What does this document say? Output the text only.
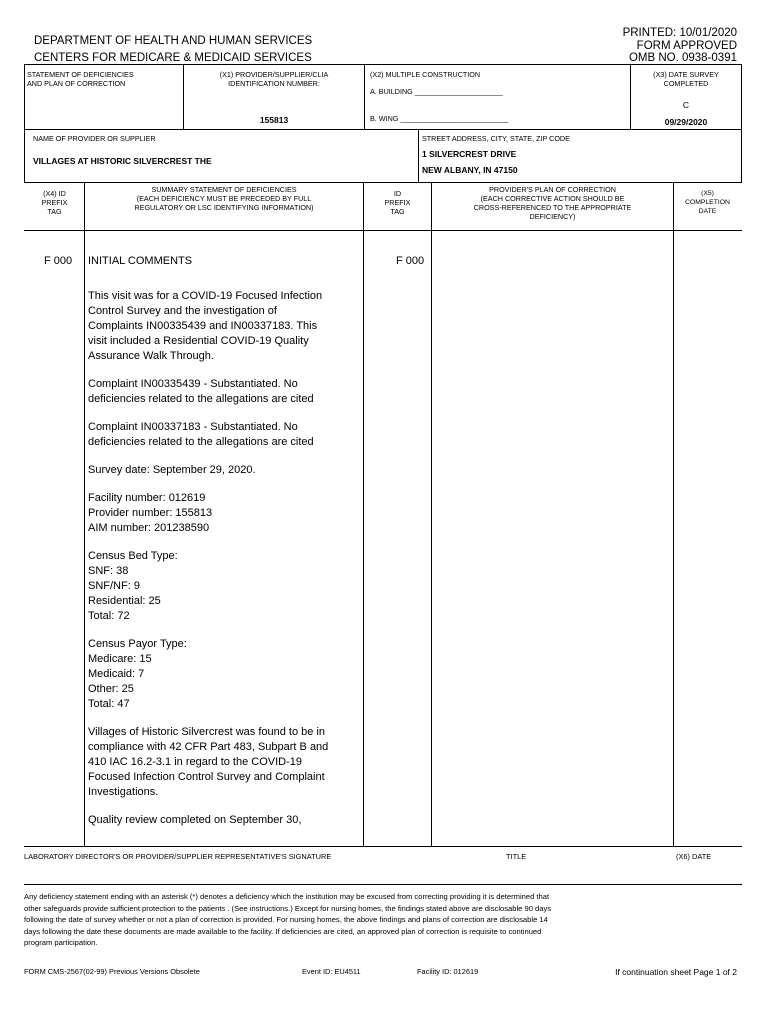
PRINTED: 10/01/2020
FORM APPROVED
OMB NO. 0938-0391
DEPARTMENT OF HEALTH AND HUMAN SERVICES
CENTERS FOR MEDICARE & MEDICAID SERVICES
STATEMENT OF DEFICIENCIES
AND PLAN OF CORRECTION
(X1) PROVIDER/SUPPLIER/CLIA
IDENTIFICATION NUMBER:
155813
(X2) MULTIPLE CONSTRUCTION
A. BUILDING ______________________
B. WING ___________________________
(X3) DATE SURVEY
COMPLETED
C
09/29/2020
NAME OF PROVIDER OR SUPPLIER
VILLAGES AT HISTORIC SILVERCREST THE
STREET ADDRESS, CITY, STATE, ZIP CODE
1 SILVERCREST DRIVE
NEW ALBANY, IN 47150
(X4) ID
PREFIX
TAG
SUMMARY STATEMENT OF DEFICIENCIES
(EACH DEFICIENCY MUST BE PRECEDED BY FULL
REGULATORY OR LSC IDENTIFYING INFORMATION)
ID
PREFIX
TAG
PROVIDER'S PLAN OF CORRECTION
(EACH CORRECTIVE ACTION SHOULD BE
CROSS-REFERENCED TO THE APPROPRIATE
DEFICIENCY)
(X5)
COMPLETION
DATE
F 000	F 000
INITIAL COMMENTS
This visit was for a COVID-19 Focused Infection
Control Survey and the investigation of
Complaints IN00335439 and IN00337183. This
visit included a Residential COVID-19 Quality
Assurance Walk Through.
Complaint IN00335439 - Substantiated. No
deficiencies related to the allegations are cited
Complaint IN00337183 - Substantiated. No
deficiencies related to the allegations are cited
Survey date: September 29, 2020.
Facility number: 012619
Provider number: 155813
AIM number: 201238590
Census Bed Type:
SNF: 38
SNF/NF: 9
Residential: 25
Total: 72
Census Payor Type:
Medicare: 15
Medicaid: 7
Other: 25
Total: 47
Villages of Historic Silvercrest was found to be in
compliance with 42 CFR Part 483, Subpart B and
410 IAC 16.2-3.1 in regard to the COVID-19
Focused Infection Control Survey and Complaint
Investigations.
Quality review completed on September 30,
LABORATORY DIRECTOR'S OR PROVIDER/SUPPLIER REPRESENTATIVE'S SIGNATURE	TITLE	(X6) DATE
Any deficiency statement ending with an asterisk (*) denotes a deficiency which the institution may be excused from correcting providing it is determined that
other safeguards provide sufficient protection to the patients . (See instructions.) Except for nursing homes, the findings stated above are disclosable 90 days
following the date of survey whether or not a plan of correction is provided. For nursing homes, the above findings and plans of correction are disclosable 14
days following the date these documents are made available to the facility. If deficiencies are cited, an approved plan of correction is requisite to continued
program participation.
FORM CMS-2567(02-99) Previous Versions Obsolete	Event ID: EU4511	Facility ID: 012619	If continuation sheet Page 1 of 2
